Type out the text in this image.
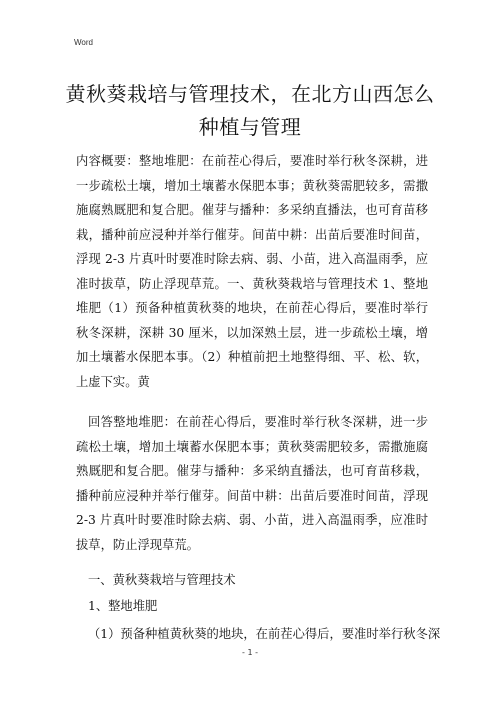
Word
黄秋葵栽培与管理技术，在北方山西怎么种植与管理

内容概要：整地堆肥：在前茬心得后，要准时举行秋冬深耕，进一步疏松土壤，增加土壤蓄水保肥本事；黄秋葵需肥较多，需撒施腐熟厩肥和复合肥。催芽与播种：多采纳直播法，也可育苗移栽，播种前应浸种并举行催芽。间苗中耕：出苗后要准时间苗，浮现 2-3 片真叶时要准时除去病、弱、小苗，进入高温雨季，应准时拔草，防止浮现草荒。一、黄秋葵栽培与管理技术 1、整地堆肥（1）预备种植黄秋葵的地块，在前茬心得后，要准时举行秋冬深耕，深耕 30 厘米，以加深熟土层，进一步疏松土壤，增加土壤蓄水保肥本事。（2）种植前把土地整得细、平、松、软，上虚下实。黄

回答整地堆肥：在前茬心得后，要准时举行秋冬深耕，进一步疏松土壤，增加土壤蓄水保肥本事；黄秋葵需肥较多，需撒施腐熟厩肥和复合肥。催芽与播种：多采纳直播法，也可育苗移栽，播种前应浸种并举行催芽。间苗中耕：出苗后要准时间苗，浮现 2-3 片真叶时要准时除去病、弱、小苗，进入高温雨季，应准时拔草，防止浮现草荒。

一、黄秋葵栽培与管理技术
1、整地堆肥
（1）预备种植黄秋葵的地块，在前茬心得后，要准时举行秋冬深
- 1 -
